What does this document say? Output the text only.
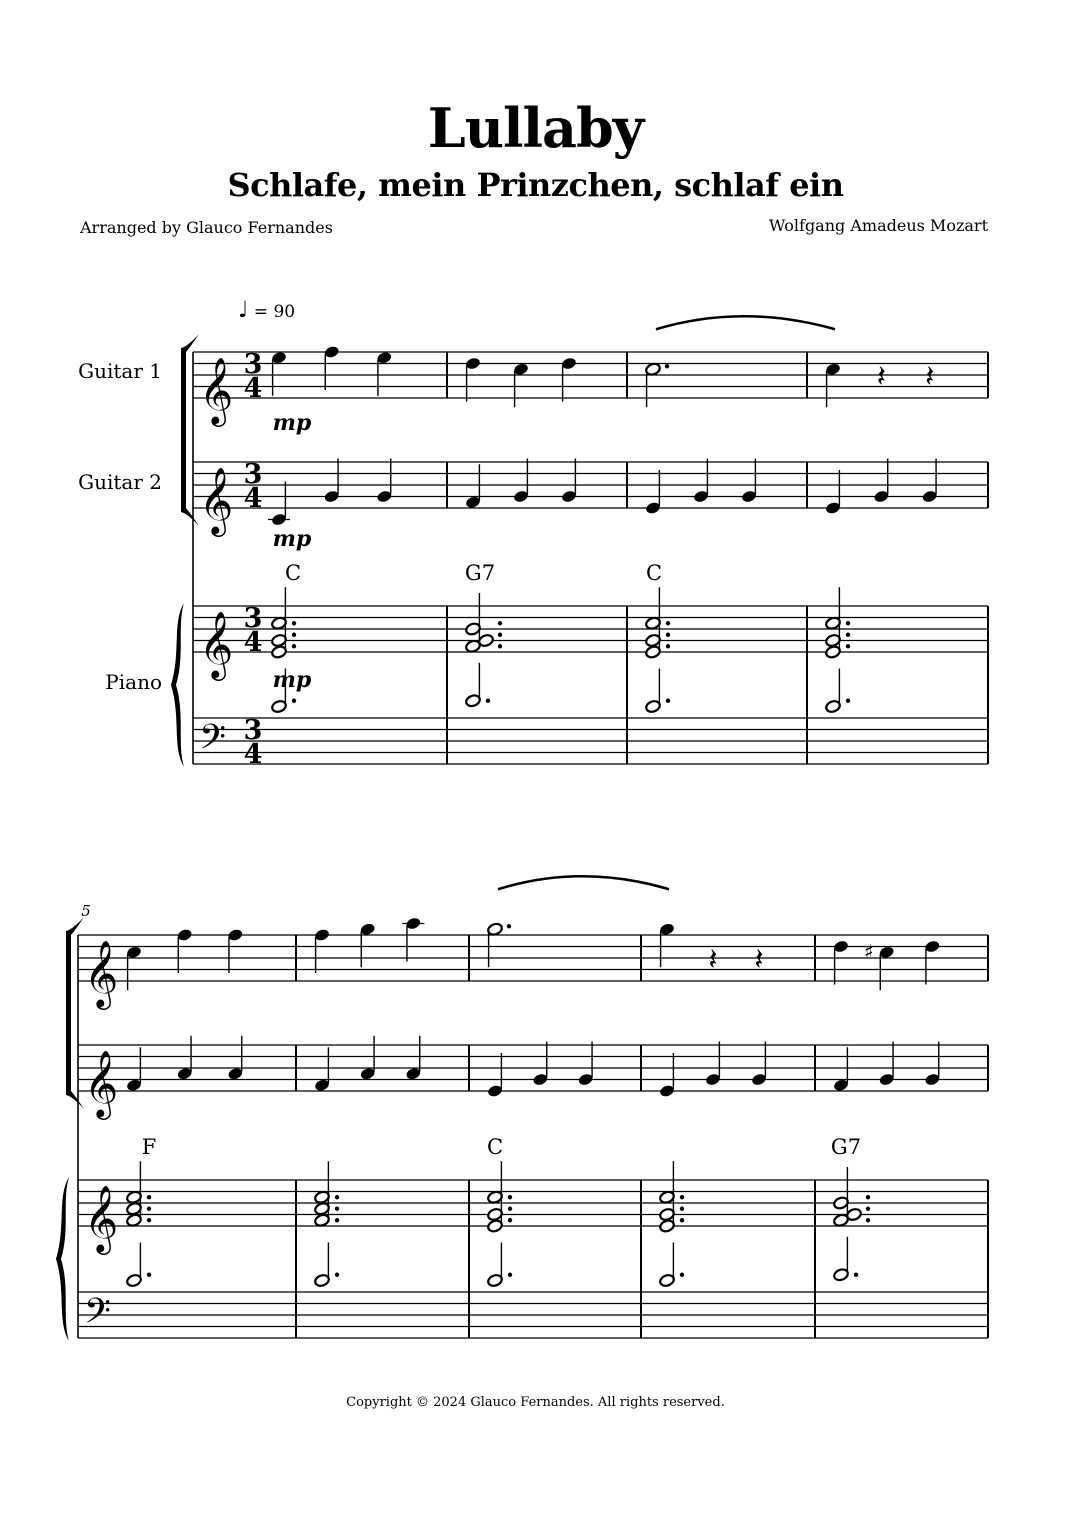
Lullaby
Schlafe, mein Prinzchen, schlaf ein
Arranged by Glauco Fernandes	Wolfgang Amadeus Mozart
♩ = 90
𝄞
𝄞
𝄞
𝄢
3
4
3
4
3
4
3
4
𝄽 𝄽
𝄞
𝄞
𝄞
𝄢
𝄽 𝄽	♯
Guitar 1
Guitar 2
Piano
mp
mp
mp
C	G7	C
F	C	G7
5
Copyright © 2024 Glauco Fernandes. All rights reserved.
